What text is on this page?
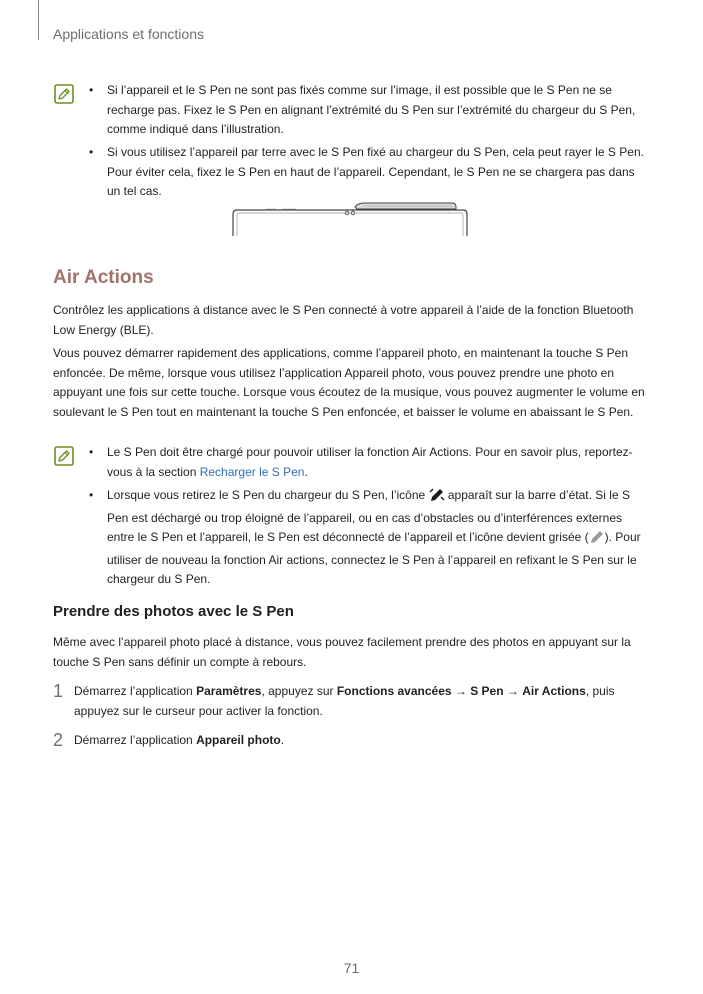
Applications et fonctions
• Si l’appareil et le S Pen ne sont pas fixés comme sur l’image, il est possible que le S Pen ne se recharge pas. Fixez le S Pen en alignant l’extrémité du S Pen sur l’extrémité du chargeur du S Pen, comme indiqué dans l’illustration.
• Si vous utilisez l’appareil par terre avec le S Pen fixé au chargeur du S Pen, cela peut rayer le S Pen. Pour éviter cela, fixez le S Pen en haut de l’appareil. Cependant, le S Pen ne se chargera pas dans un tel cas.
Air Actions
Contrôlez les applications à distance avec le S Pen connecté à votre appareil à l’aide de la fonction Bluetooth Low Energy (BLE).
Vous pouvez démarrer rapidement des applications, comme l’appareil photo, en maintenant la touche S Pen enfoncée. De même, lorsque vous utilisez l’application Appareil photo, vous pouvez prendre une photo en appuyant une fois sur cette touche. Lorsque vous écoutez de la musique, vous pouvez augmenter le volume en soulevant le S Pen tout en maintenant la touche S Pen enfoncée, et baisser le volume en abaissant le S Pen.
• Le S Pen doit être chargé pour pouvoir utiliser la fonction Air Actions. Pour en savoir plus, reportez-vous à la section Recharger le S Pen.
• Lorsque vous retirez le S Pen du chargeur du S Pen, l’icône  apparaît sur la barre d’état. Si le S Pen est déchargé ou trop éloigné de l’appareil, ou en cas d’obstacles ou d’interférences externes entre le S Pen et l’appareil, le S Pen est déconnecté de l’appareil et l’icône devient grisée ( ). Pour utiliser de nouveau la fonction Air actions, connectez le S Pen à l’appareil en refixant le S Pen sur le chargeur du S Pen.
Prendre des photos avec le S Pen
Même avec l’appareil photo placé à distance, vous pouvez facilement prendre des photos en appuyant sur la touche S Pen sans définir un compte à rebours.
1 Démarrez l’application Paramètres, appuyez sur Fonctions avancées → S Pen → Air Actions, puis appuyez sur le curseur pour activer la fonction.
2 Démarrez l’application Appareil photo.
71
